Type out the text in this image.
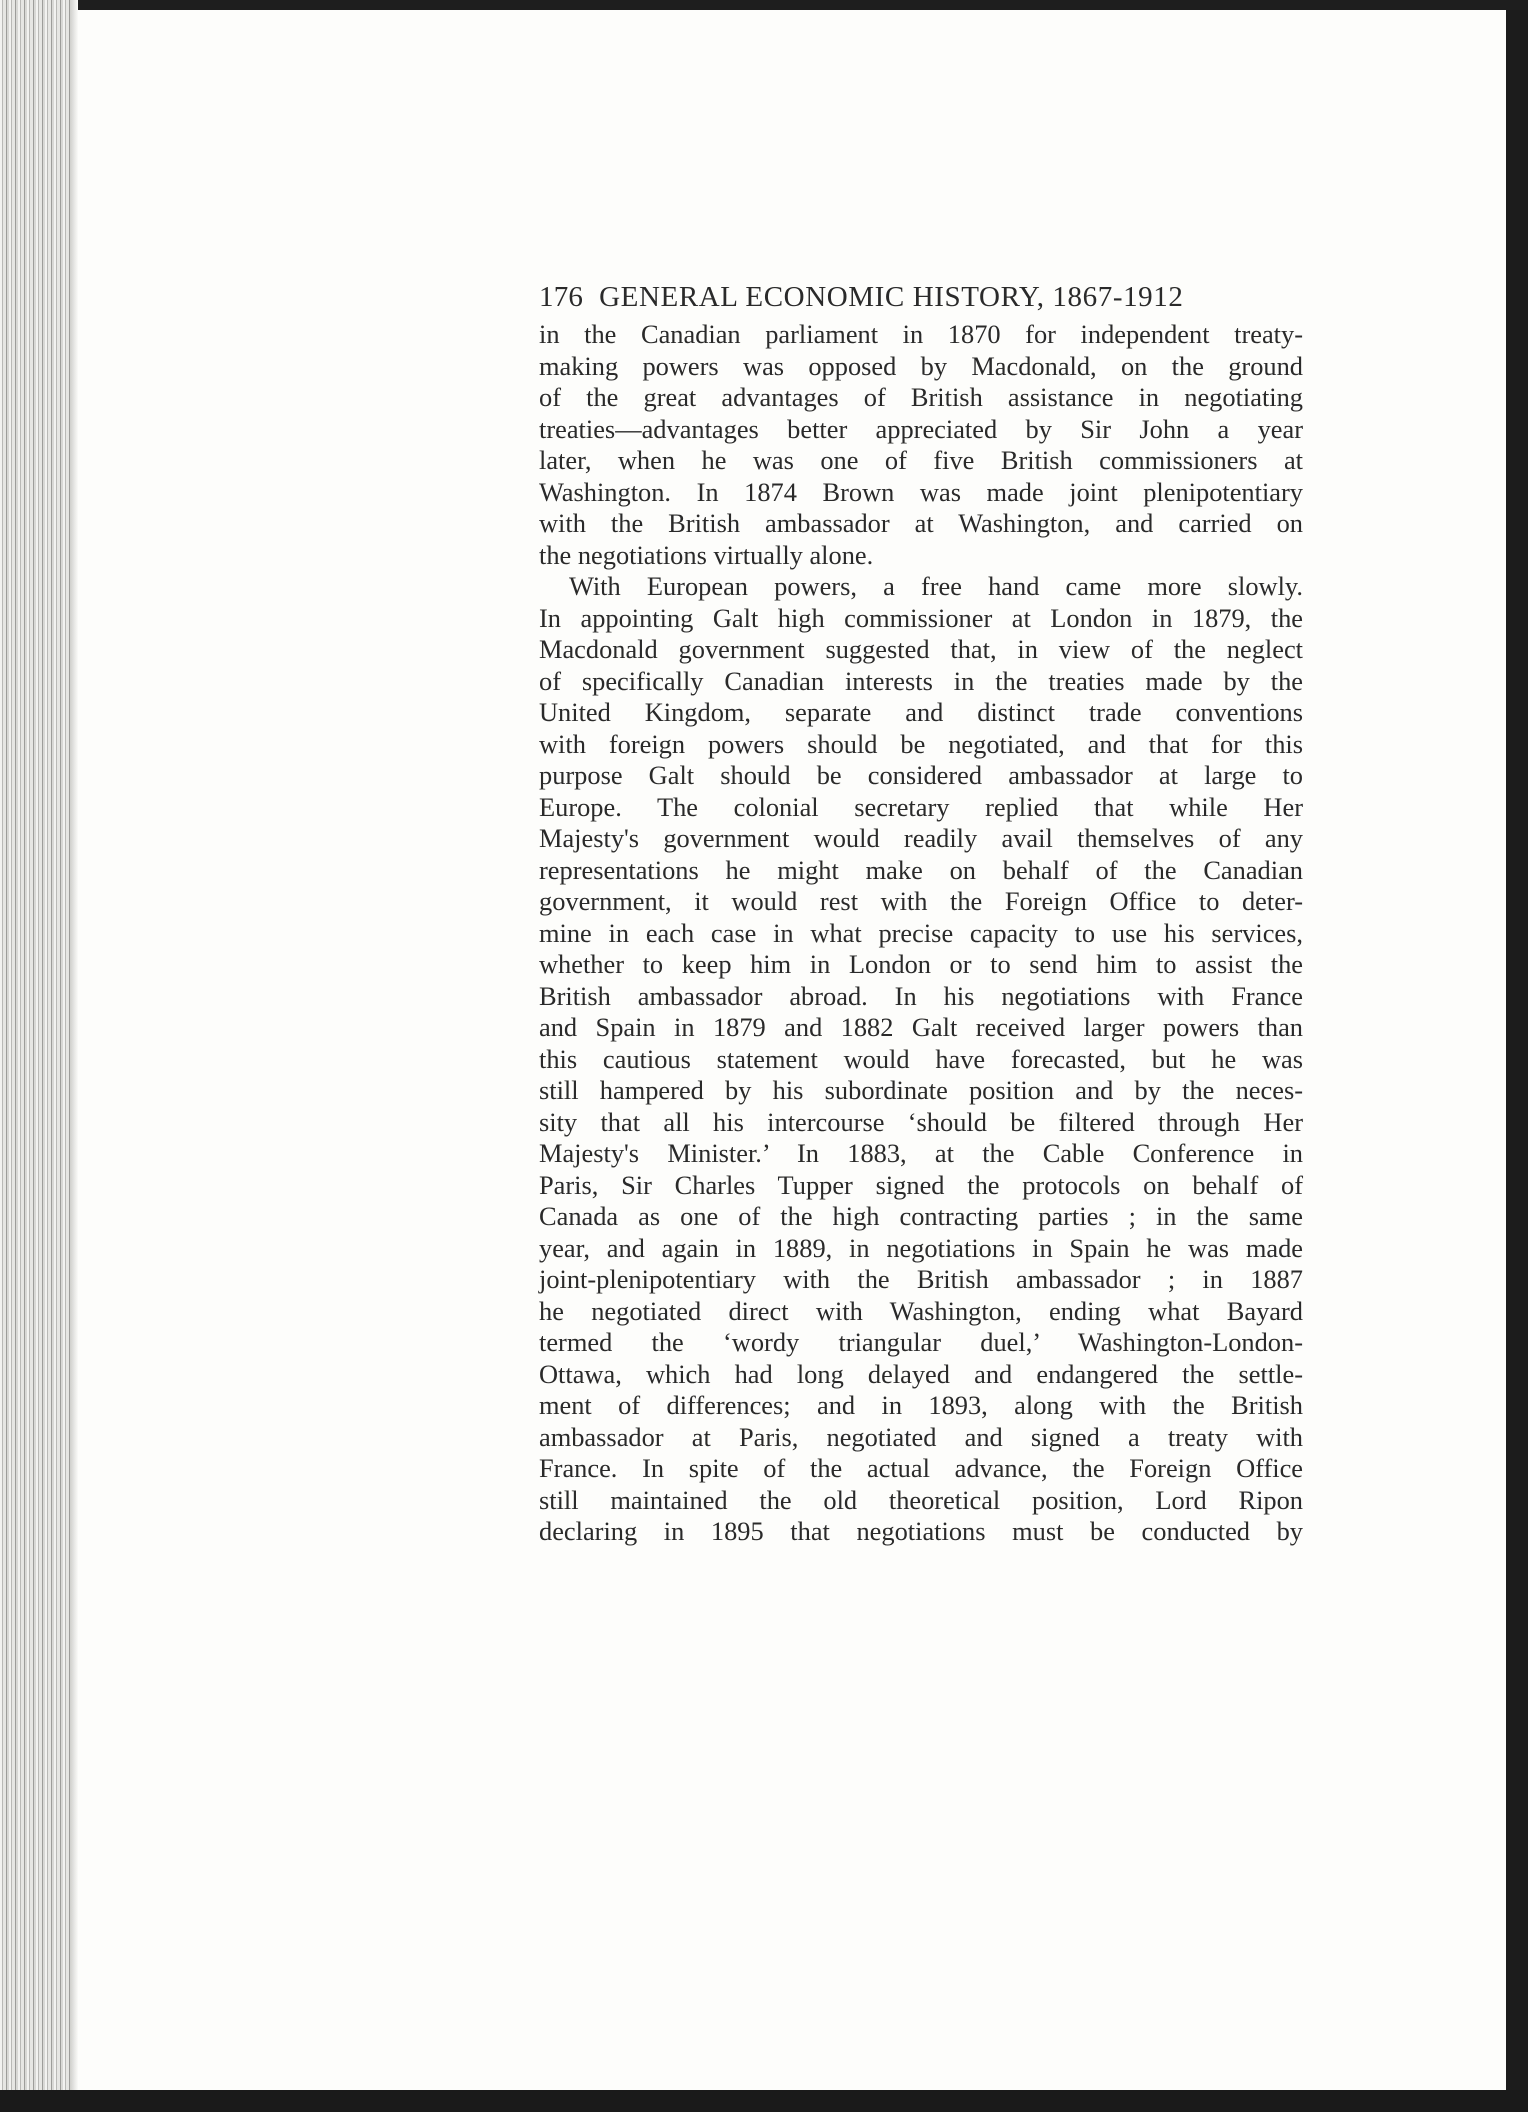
176 GENERAL ECONOMIC HISTORY, 1867-1912
in the Canadian parliament in 1870 for independent treaty-
making powers was opposed by Macdonald, on the ground
of the great advantages of British assistance in negotiating
treaties—advantages better appreciated by Sir John a year
later, when he was one of five British commissioners at
Washington. In 1874 Brown was made joint plenipotentiary
with the British ambassador at Washington, and carried on
the negotiations virtually alone.
With European powers, a free hand came more slowly.
In appointing Galt high commissioner at London in 1879, the
Macdonald government suggested that, in view of the neglect
of specifically Canadian interests in the treaties made by the
United Kingdom, separate and distinct trade conventions
with foreign powers should be negotiated, and that for this
purpose Galt should be considered ambassador at large to
Europe. The colonial secretary replied that while Her
Majesty's government would readily avail themselves of any
representations he might make on behalf of the Canadian
government, it would rest with the Foreign Office to deter-
mine in each case in what precise capacity to use his services,
whether to keep him in London or to send him to assist the
British ambassador abroad. In his negotiations with France
and Spain in 1879 and 1882 Galt received larger powers than
this cautious statement would have forecasted, but he was
still hampered by his subordinate position and by the neces-
sity that all his intercourse ‘should be filtered through Her
Majesty's Minister.’ In 1883, at the Cable Conference in
Paris, Sir Charles Tupper signed the protocols on behalf of
Canada as one of the high contracting parties ; in the same
year, and again in 1889, in negotiations in Spain he was made
joint-plenipotentiary with the British ambassador ; in 1887
he negotiated direct with Washington, ending what Bayard
termed the ‘wordy triangular duel,’ Washington-London-
Ottawa, which had long delayed and endangered the settle-
ment of differences; and in 1893, along with the British
ambassador at Paris, negotiated and signed a treaty with
France. In spite of the actual advance, the Foreign Office
still maintained the old theoretical position, Lord Ripon
declaring in 1895 that negotiations must be conducted by
